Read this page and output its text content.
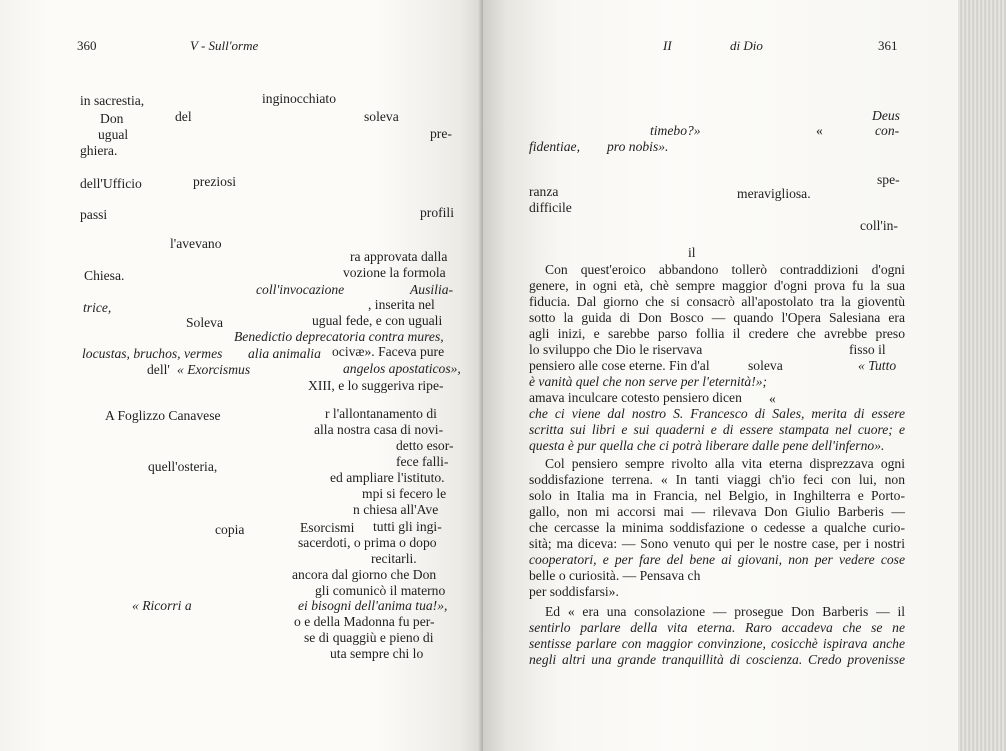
360	V - Sull'orme
in sacrestia,	inginocchiato
Don	del	soleva
ugual	pre-
ghiera.
dell'Ufficio	preziosi
passi	profili
l'avevano
ra approvata dalla
Chiesa.	vozione la formola
coll'invocazione	Ausilia-
trice,	, inserita nel
Soleva	ugual fede, e con uguali
Benedictio deprecatoria contra mures,
locustas, bruchos, vermes alia animalia ocivæ». Faceva pure
dell' « Exorcismus	angelos apostaticos»,
XIII, e lo suggeriva ripe-
A Foglizzo Canavese	r l'allontanamento di
alla nostra casa di novi-
detto esor-
fece falli-
quell'osteria,
ed ampliare l'istituto.
mpi si fecero le
n chiesa all'Ave
copia	Esorcismi tutti gli ingi-
sacerdoti, o prima o dopo
recitarli.
ancora dal giorno che Don
gli comunicò il materno
« Ricorri a	ei bisogni dell'anima tua!»,
o e della Madonna fu per-
se di quaggiù e pieno di
uta sempre chi lo
II	di Dio	361
Deus
timebo?»	«	con-
fidentiae, pro nobis».
spe-
ranza	meravigliosa.
difficile
coll'in-
il
Con quest'eroico abbandono tollerò contraddizioni d'ogni
genere, in ogni età, chè sempre maggior d'ogni prova fu la sua
fiducia. Dal giorno che si consacrò all'apostolato tra la gioventù
sotto la guida di Don Bosco — quando l'Opera Salesiana era
agli inizi, e sarebbe parso follia il credere che avrebbe preso
lo sviluppo che Dio le riservava	fisso il
pensiero alle cose eterne. Fin d'al	soleva	« Tutto
è vanità quel che non serve per l'eternità!»;
amava inculcare cotesto pensiero dicen «
che ci viene dal nostro S. Francesco di Sales, merita di essere
scritta sui libri e sui quaderni e di essere stampata nel cuore; e
questa è pur quella che ci potrà liberare dalle pene dell'inferno».
Col pensiero sempre rivolto alla vita eterna disprezzava ogni
soddisfazione terrena. « In tanti viaggi ch'io feci con lui, non
solo in Italia ma in Francia, nel Belgio, in Inghilterra e Porto-
gallo, non mi accorsi mai — rilevava Don Giulio Barberis —
che cercasse la minima soddisfazione o cedesse a qualche curio-
sità; ma diceva: — Sono venuto qui per le nostre case, per i nostri
cooperatori, e per fare del bene ai giovani, non per vedere cose
belle o curiosità. — Pensava ch
per soddisfarsi».
Ed « era una consolazione — prosegue Don Barberis — il
sentirlo parlare della vita eterna. Raro accadeva che se ne
sentisse parlare con maggior convinzione, cosicchè ispirava anche
negli altri una grande tranquillità di coscienza. Credo provenisse
